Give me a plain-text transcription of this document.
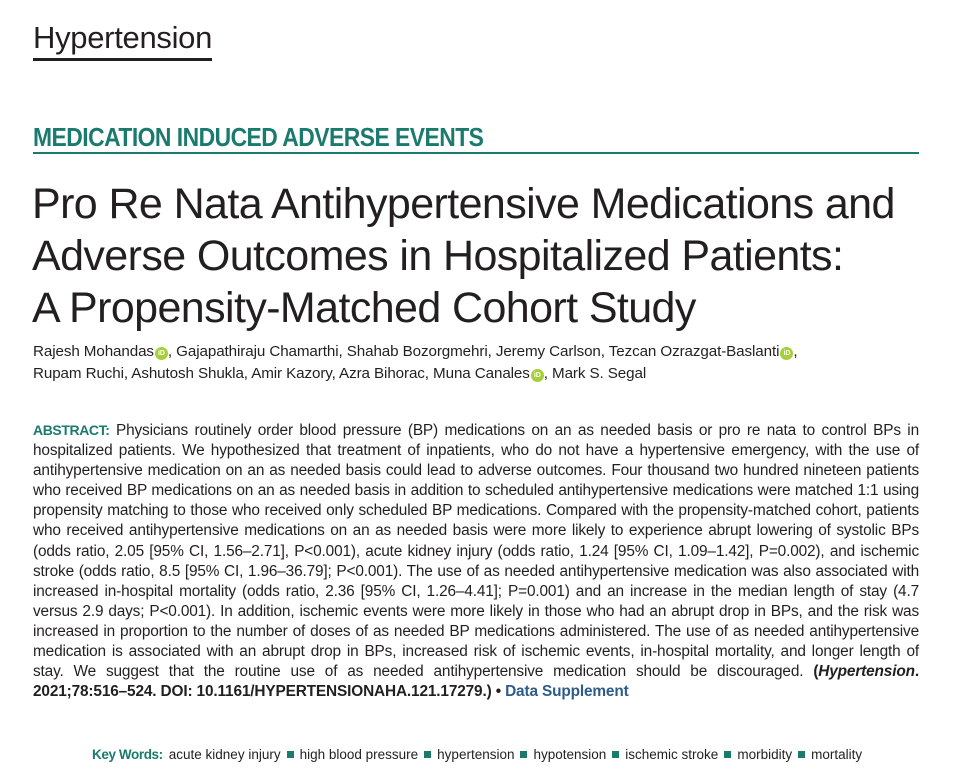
Hypertension
MEDICATION INDUCED ADVERSE EVENTS
Pro Re Nata Antihypertensive Medications and
Adverse Outcomes in Hospitalized Patients:
A Propensity-Matched Cohort Study
Rajesh Mohandas iD , Gajapathiraju Chamarthi, Shahab Bozorgmehri, Jeremy Carlson, Tezcan Ozrazgat-Baslanti iD ,
Rupam Ruchi, Ashutosh Shukla, Amir Kazory, Azra Bihorac, Muna Canales iD , Mark S. Segal
ABSTRACT: Physicians routinely order blood pressure (BP) medications on an as needed basis or pro re nata to control BPs in hospitalized patients. We hypothesized that treatment of inpatients, who do not have a hypertensive emergency, with the use of antihypertensive medication on an as needed basis could lead to adverse outcomes. Four thousand two hundred nineteen patients who received BP medications on an as needed basis in addition to scheduled antihypertensive medications were matched 1:1 using propensity matching to those who received only scheduled BP medications. Compared with the propensity-matched cohort, patients who received antihypertensive medications on an as needed basis were more likely to experience abrupt lowering of systolic BPs (odds ratio, 2.05 [95% CI, 1.56–2.71], P<0.001), acute kidney injury (odds ratio, 1.24 [95% CI, 1.09–1.42], P=0.002), and ischemic stroke (odds ratio, 8.5 [95% CI, 1.96–36.79]; P<0.001). The use of as needed antihypertensive medication was also associated with increased in-hospital mortality (odds ratio, 2.36 [95% CI, 1.26–4.41]; P=0.001) and an increase in the median length of stay (4.7 versus 2.9 days; P<0.001). In addition, ischemic events were more likely in those who had an abrupt drop in BPs, and the risk was increased in proportion to the number of doses of as needed BP medications administered. The use of as needed antihypertensive medication is associated with an abrupt drop in BPs, increased risk of ischemic events, in-hospital mortality, and longer length of stay. We suggest that the routine use of as needed antihypertensive medication should be discouraged. (Hypertension. 2021;78:516–524. DOI: 10.1161/HYPERTENSIONAHA.121.17279.) • Data Supplement
Key Words: acute kidney injury high blood pressure hypertension hypotension ischemic stroke morbidity mortality
